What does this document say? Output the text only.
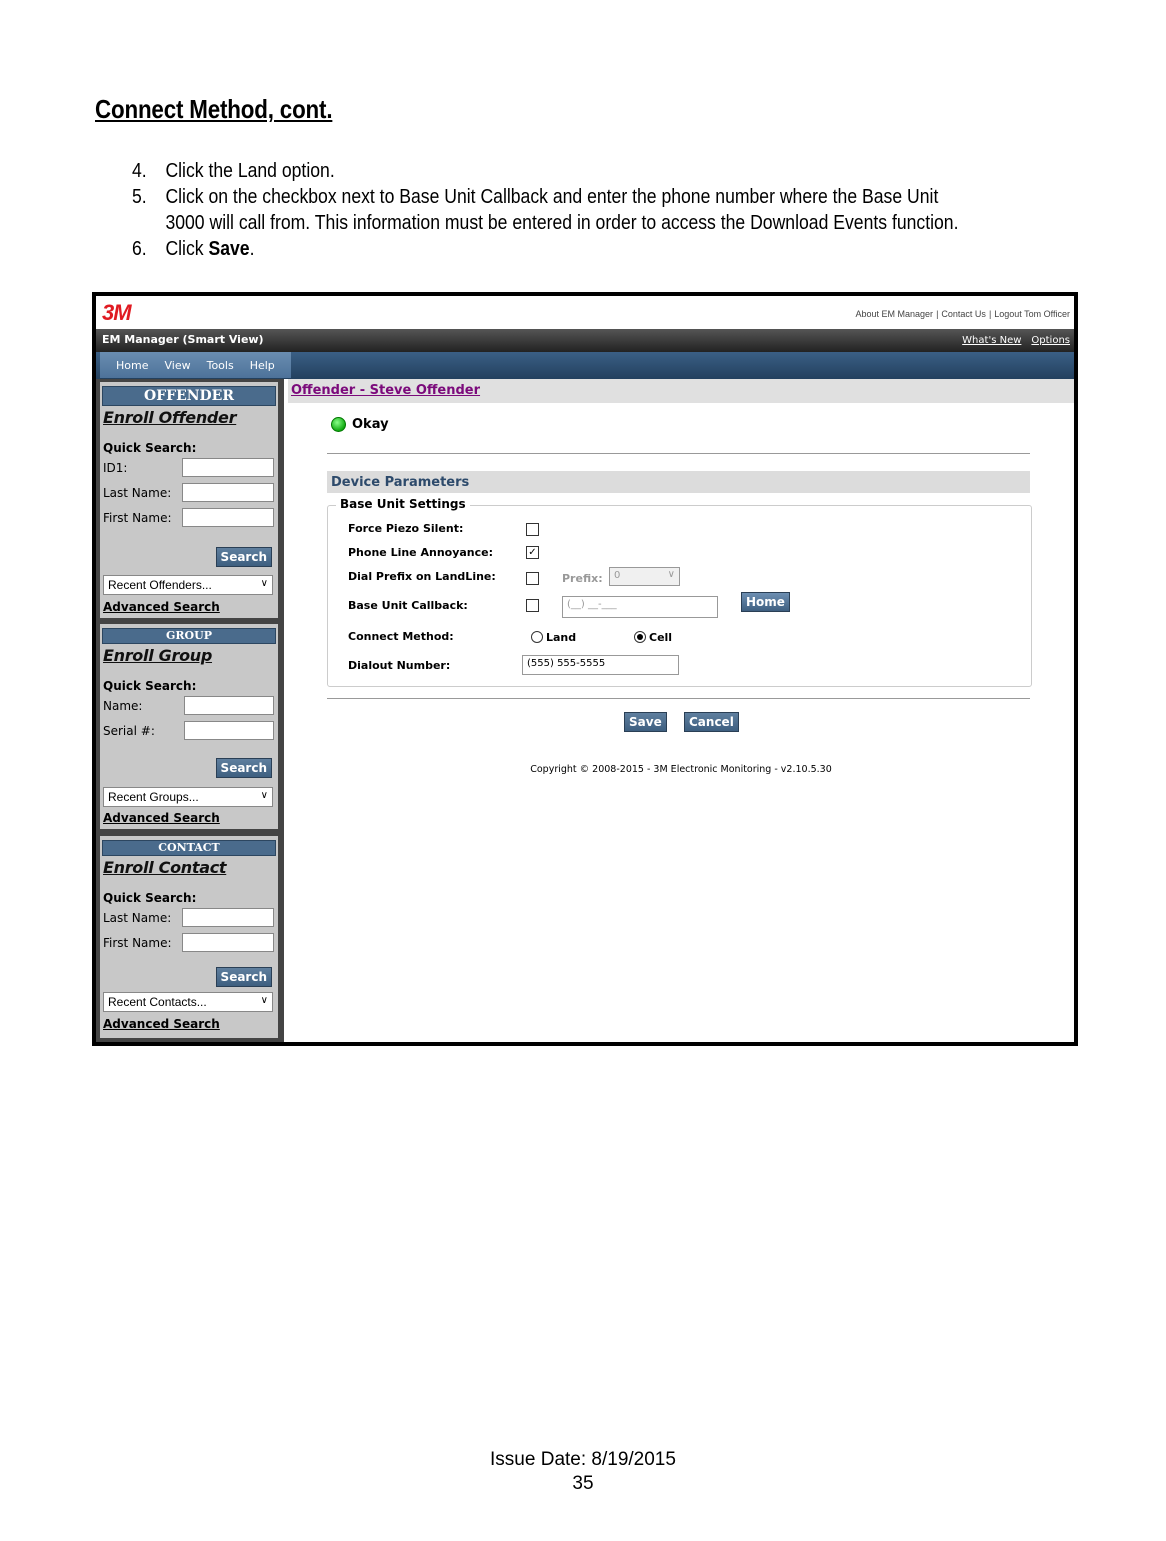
Connect Method, cont.
4. Click the Land option.
5. Click on the checkbox next to Base Unit Callback and enter the phone number where the Base Unit 3000 will call from. This information must be entered in order to access the Download Events function.
6. Click Save.
3M	About EM Manager | Contact Us | Logout Tom Officer
EM Manager (Smart View)	What's New Options
Home View Tools Help
OFFENDER
Enroll Offender
Quick Search:
ID1:
Last Name:
First Name:
Search
Recent Offenders...	∨
Advanced Search
GROUP
Enroll Group
Quick Search:
Name:
Serial #:
Search
Recent Groups...	∨
Advanced Search
CONTACT
Enroll Contact
Quick Search:
Last Name:
First Name:
Search
Recent Contacts...	∨
Advanced Search
Offender - Steve Offender
Okay
Device Parameters
Base Unit Settings
Force Piezo Silent:
Phone Line Annoyance:	✓
Dial Prefix on LandLine:	Prefix:	0	∨
Base Unit Callback:	(__) __-___	Home
Connect Method:	Land	Cell
Dialout Number:	(555) 555-5555
Save	Cancel
Copyright © 2008-2015 - 3M Electronic Monitoring - v2.10.5.30
Issue Date: 8/19/2015
35
